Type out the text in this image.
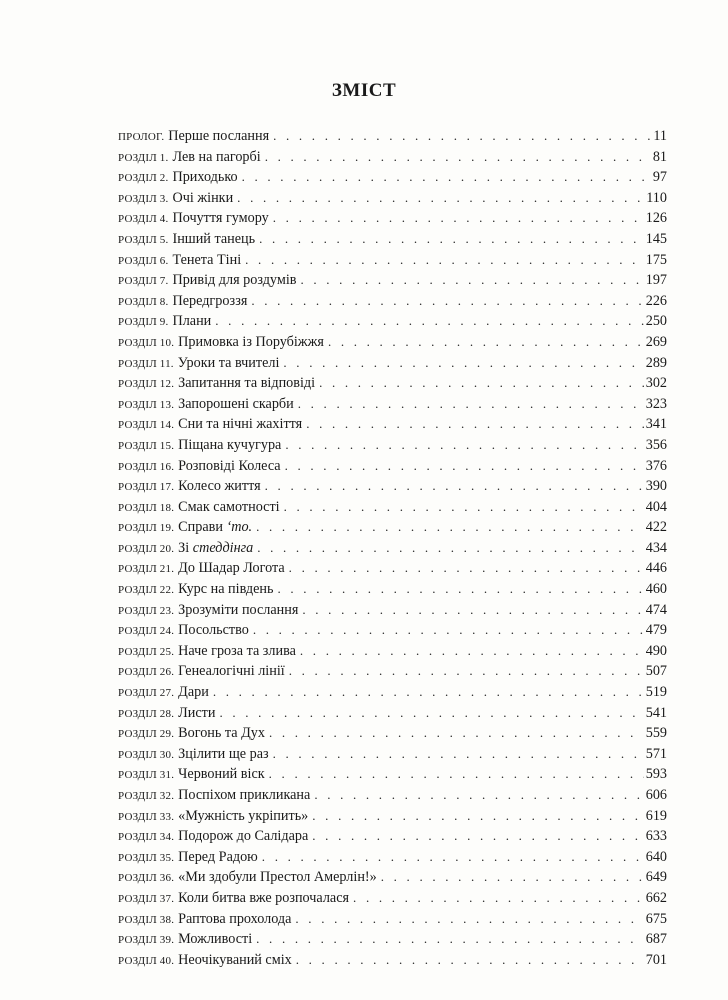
ЗМІСТ
ПРОЛОГ. Перше послання . . .	11
РОЗДІЛ 1. Лев на пагорбі . . .	81
РОЗДІЛ 2. Приходько . . .	97
РОЗДІЛ 3. Очі жінки . . .	110
РОЗДІЛ 4. Почуття гумору . . .	126
РОЗДІЛ 5. Інший танець . . .	145
РОЗДІЛ 6. Тенета Тіні . . .	175
РОЗДІЛ 7. Привід для роздумів . . .	197
РОЗДІЛ 8. Передгроззя . . .	226
РОЗДІЛ 9. Плани . . .	250
РОЗДІЛ 10. Примовка із Порубіжжя . . .	269
РОЗДІЛ 11. Уроки та вчителі . . .	289
РОЗДІЛ 12. Запитання та відповіді . . .	302
РОЗДІЛ 13. Запорошені скарби . . .	323
РОЗДІЛ 14. Сни та нічні жахіття . . .	341
РОЗДІЛ 15. Піщана кучугура . . .	356
РОЗДІЛ 16. Розповіді Колеса . . .	376
РОЗДІЛ 17. Колесо життя . . .	390
РОЗДІЛ 18. Смак самотності . . .	404
РОЗДІЛ 19. Справи ‘то. . . .	422
РОЗДІЛ 20. Зі стеддінга . . .	434
РОЗДІЛ 21. До Шадар Логота . . .	446
РОЗДІЛ 22. Курс на південь . . .	460
РОЗДІЛ 23. Зрозуміти послання . . .	474
РОЗДІЛ 24. Посольство . . .	479
РОЗДІЛ 25. Наче гроза та злива . . .	490
РОЗДІЛ 26. Генеалогічні лінії . . .	507
РОЗДІЛ 27. Дари . . .	519
РОЗДІЛ 28. Листи . . .	541
РОЗДІЛ 29. Вогонь та Дух . . .	559
РОЗДІЛ 30. Зцілити ще раз . . .	571
РОЗДІЛ 31. Червоний віск . . .	593
РОЗДІЛ 32. Поспіхом прикликана . . .	606
РОЗДІЛ 33. «Мужність укріпить» . . .	619
РОЗДІЛ 34. Подорож до Салідара . . .	633
РОЗДІЛ 35. Перед Радою . . .	640
РОЗДІЛ 36. «Ми здобули Престол Амерлін!» . . .	649
РОЗДІЛ 37. Коли битва вже розпочалася . . .	662
РОЗДІЛ 38. Раптова прохолода . . .	675
РОЗДІЛ 39. Можливості . . .	687
РОЗДІЛ 40. Неочікуваний сміх . . .	701
